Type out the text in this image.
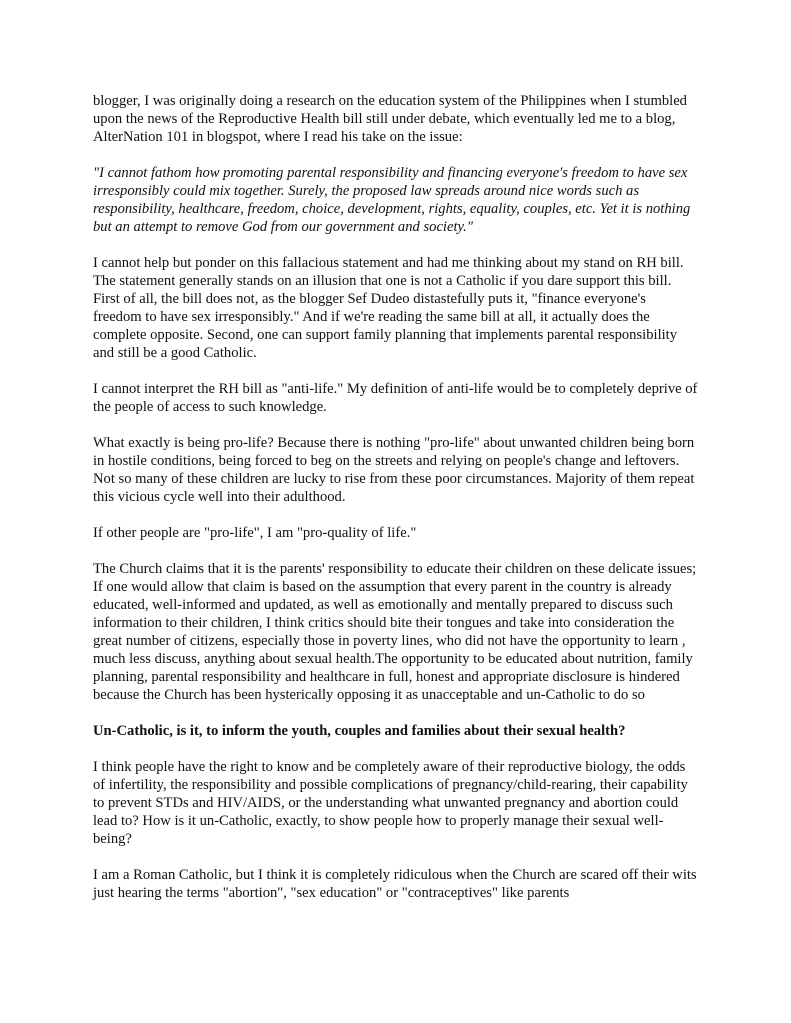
blogger, I was originally doing a research on the education system of the Philippines when I stumbled upon the news of the Reproductive Health bill still under debate, which eventually led me to a blog, AlterNation 101 in blogspot, where I read his take on the issue:

"I cannot fathom how promoting parental responsibility and financing everyone's freedom to have sex irresponsibly could mix together. Surely, the proposed law spreads around nice words such as responsibility, healthcare, freedom, choice, development, rights, equality, couples, etc. Yet it is nothing but an attempt to remove God from our government and society."

I cannot help but ponder on this fallacious statement and had me thinking about my stand on RH bill. The statement generally stands on an illusion that one is not a Catholic if you dare support this bill. First of all, the bill does not, as the blogger Sef Dudeo distastefully puts it, "finance everyone's freedom to have sex irresponsibly." And if we're reading the same bill at all, it actually does the complete opposite. Second, one can support family planning that implements parental responsibility and still be a good Catholic.

I cannot interpret the RH bill as "anti-life." My definition of anti-life would be to completely deprive of the people of access to such knowledge.

What exactly is being pro-life? Because there is nothing "pro-life" about unwanted children being born in hostile conditions, being forced to beg on the streets and relying on people's change and leftovers. Not so many of these children are lucky to rise from these poor circumstances. Majority of them repeat this vicious cycle well into their adulthood.

If other people are "pro-life", I am "pro-quality of life."

The Church claims that it is the parents' responsibility to educate their children on these delicate issues; If one would allow that claim is based on the assumption that every parent in the country is already educated, well-informed and updated, as well as emotionally and mentally prepared to discuss such information to their children, I think critics should bite their tongues and take into consideration the great number of citizens, especially those in poverty lines, who did not have the opportunity to learn , much less discuss, anything about sexual health.The opportunity to be educated about nutrition, family planning, parental responsibility and healthcare in full, honest and appropriate disclosure is hindered because the Church has been hysterically opposing it as unacceptable and un-Catholic to do so

Un-Catholic, is it, to inform the youth, couples and families about their sexual health?

I think people have the right to know and be completely aware of their reproductive biology, the odds of infertility, the responsibility and possible complications of pregnancy/child-rearing, their capability to prevent STDs and HIV/AIDS, or the understanding what unwanted pregnancy and abortion could lead to? How is it un-Catholic, exactly, to show people how to properly manage their sexual well-being?

I am a Roman Catholic, but I think it is completely ridiculous when the Church are scared off their wits just hearing the terms "abortion", "sex education" or "contraceptives" like parents
